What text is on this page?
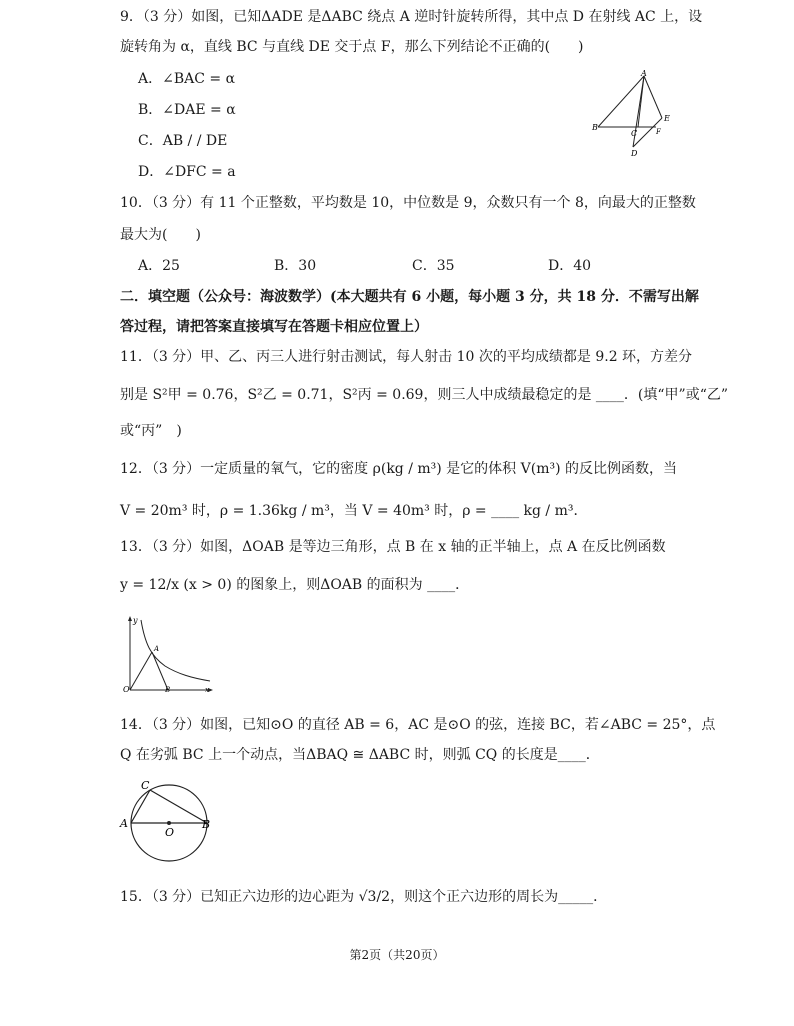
9．（3 分）如图，已知ΔADE 是ΔABC 绕点 A 逆时针旋转所得，其中点 D 在射线 AC 上，设
旋转角为 α，直线 BC 与直线 DE 交于点 F，那么下列结论不正确的(　　)
A．∠BAC = α
B．∠DAE = α
C．AB / / DE
D．∠DFC = a
A
B
C
E
F
D
10．（3 分）有 11 个正整数，平均数是 10，中位数是 9，众数只有一个 8，向最大的正整数
最大为(　　)
A．25	B．30	C．35	D．40
二．填空题（公众号：海波数学）(本大题共有 6 小题，每小题 3 分，共 18 分．不需写出解
答过程，请把答案直接填写在答题卡相应位置上）
11．（3 分）甲、乙、丙三人进行射击测试，每人射击 10 次的平均成绩都是 9.2 环，方差分
别是 S²甲 = 0.76，S²乙 = 0.71，S²丙 = 0.69，则三人中成绩最稳定的是 ____．(填“甲”或“乙”
或“丙”　)
12．（3 分）一定质量的氧气，它的密度 ρ(kg / m³) 是它的体积 V(m³) 的反比例函数，当
V = 20m³ 时，ρ = 1.36kg / m³，当 V = 40m³ 时，ρ = ____ kg / m³．
13．（3 分）如图，ΔOAB 是等边三角形，点 B 在 x 轴的正半轴上，点 A 在反比例函数
y = 12/x (x > 0) 的图象上，则ΔOAB 的面积为 ____．
y
A
O	B	x
14．（3 分）如图，已知⊙O 的直径 AB = 6，AC 是⊙O 的弦，连接 BC，若∠ABC = 25°，点
Q 在劣弧 BC 上一个动点，当ΔBAQ ≅ ΔABC 时，则弧 CQ 的长度是____．
C
A
O
B
15．（3 分）已知正六边形的边心距为 √3/2，则这个正六边形的周长为_____．
第2页（共20页）
